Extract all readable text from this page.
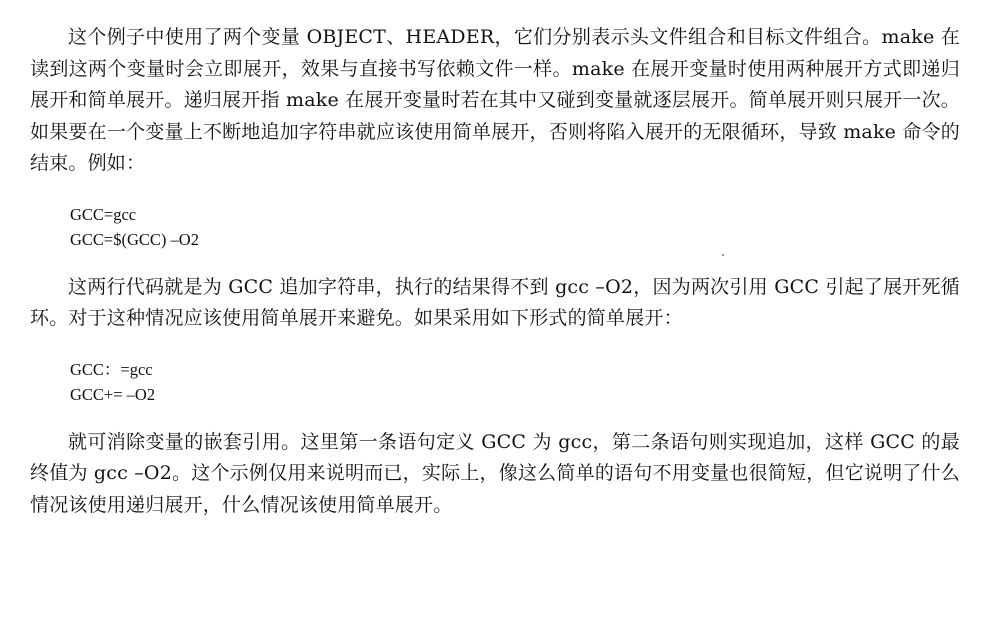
这个例子中使用了两个变量 OBJECT、HEADER，它们分别表示头文件组合和目标文件组合。make 在读到这两个变量时会立即展开，效果与直接书写依赖文件一样。make 在展开变量时使用两种展开方式即递归展开和简单展开。递归展开指 make 在展开变量时若在其中又碰到变量就逐层展开。简单展开则只展开一次。如果要在一个变量上不断地追加字符串就应该使用简单展开，否则将陷入展开的无限循环，导致 make 命令的结束。例如：

GCC=gcc
GCC=$(GCC) –O2

这两行代码就是为 GCC 追加字符串，执行的结果得不到 gcc –O2，因为两次引用 GCC 引起了展开死循环。对于这种情况应该使用简单展开来避免。如果采用如下形式的简单展开：

GCC：=gcc
GCC+= –O2

就可消除变量的嵌套引用。这里第一条语句定义 GCC 为 gcc，第二条语句则实现追加，这样 GCC 的最终值为 gcc –O2。这个示例仅用来说明而已，实际上，像这么简单的语句不用变量也很简短，但它说明了什么情况该使用递归展开，什么情况该使用简单展开。
